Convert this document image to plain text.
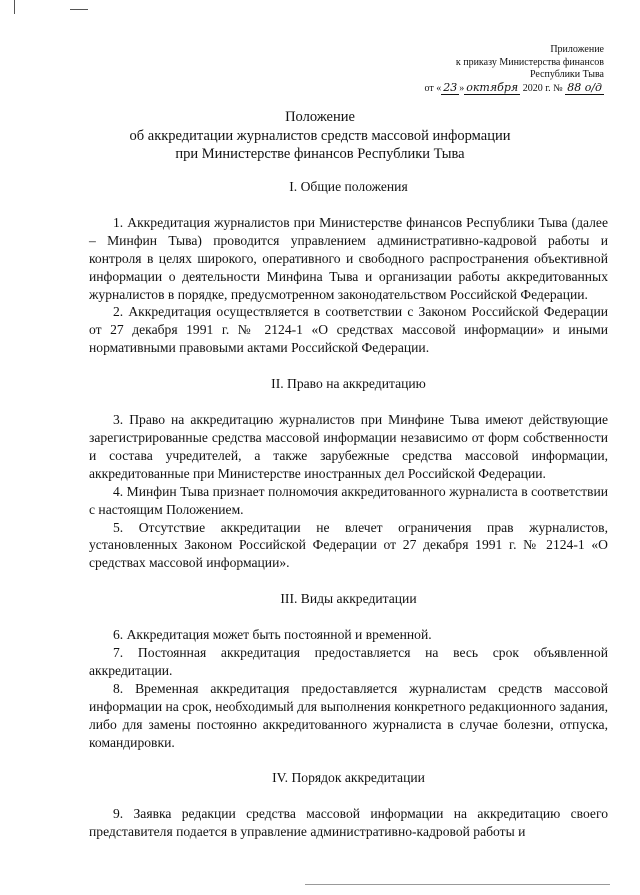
Приложение
к приказу Министерства финансов
Республики Тыва
от « 23 » октября 2020 г. № 88 о/д
Положение
об аккредитации журналистов средств массовой информации
при Министерстве финансов Республики Тыва
I. Общие положения

1. Аккредитация журналистов при Министерстве финансов Республики Тыва (далее – Минфин Тыва) проводится управлением административно-кадровой работы и контроля в целях широкого, оперативного и свободного распространения объективной информации о деятельности Минфина Тыва и организации работы аккредитованных журналистов в порядке, предусмотренном законодательством Российской Федерации.

2. Аккредитация осуществляется в соответствии с Законом Российской Федерации от 27 декабря 1991 г. № 2124-1 «О средствах массовой информации» и иными нормативными правовыми актами Российской Федерации.

II. Право на аккредитацию

3. Право на аккредитацию журналистов при Минфине Тыва имеют действующие зарегистрированные средства массовой информации независимо от форм собственности и состава учредителей, а также зарубежные средства массовой информации, аккредитованные при Министерстве иностранных дел Российской Федерации.

4. Минфин Тыва признает полномочия аккредитованного журналиста в соответствии с настоящим Положением.

5. Отсутствие аккредитации не влечет ограничения прав журналистов, установленных Законом Российской Федерации от 27 декабря 1991 г. № 2124-1 «О средствах массовой информации».

III. Виды аккредитации

6. Аккредитация может быть постоянной и временной.

7. Постоянная аккредитация предоставляется на весь срок объявленной аккредитации.

8. Временная аккредитация предоставляется журналистам средств массовой информации на срок, необходимый для выполнения конкретного редакционного задания, либо для замены постоянно аккредитованного журналиста в случае болезни, отпуска, командировки.

IV. Порядок аккредитации

9. Заявка редакции средства массовой информации на аккредитацию своего представителя подается в управление административно-кадровой работы и
